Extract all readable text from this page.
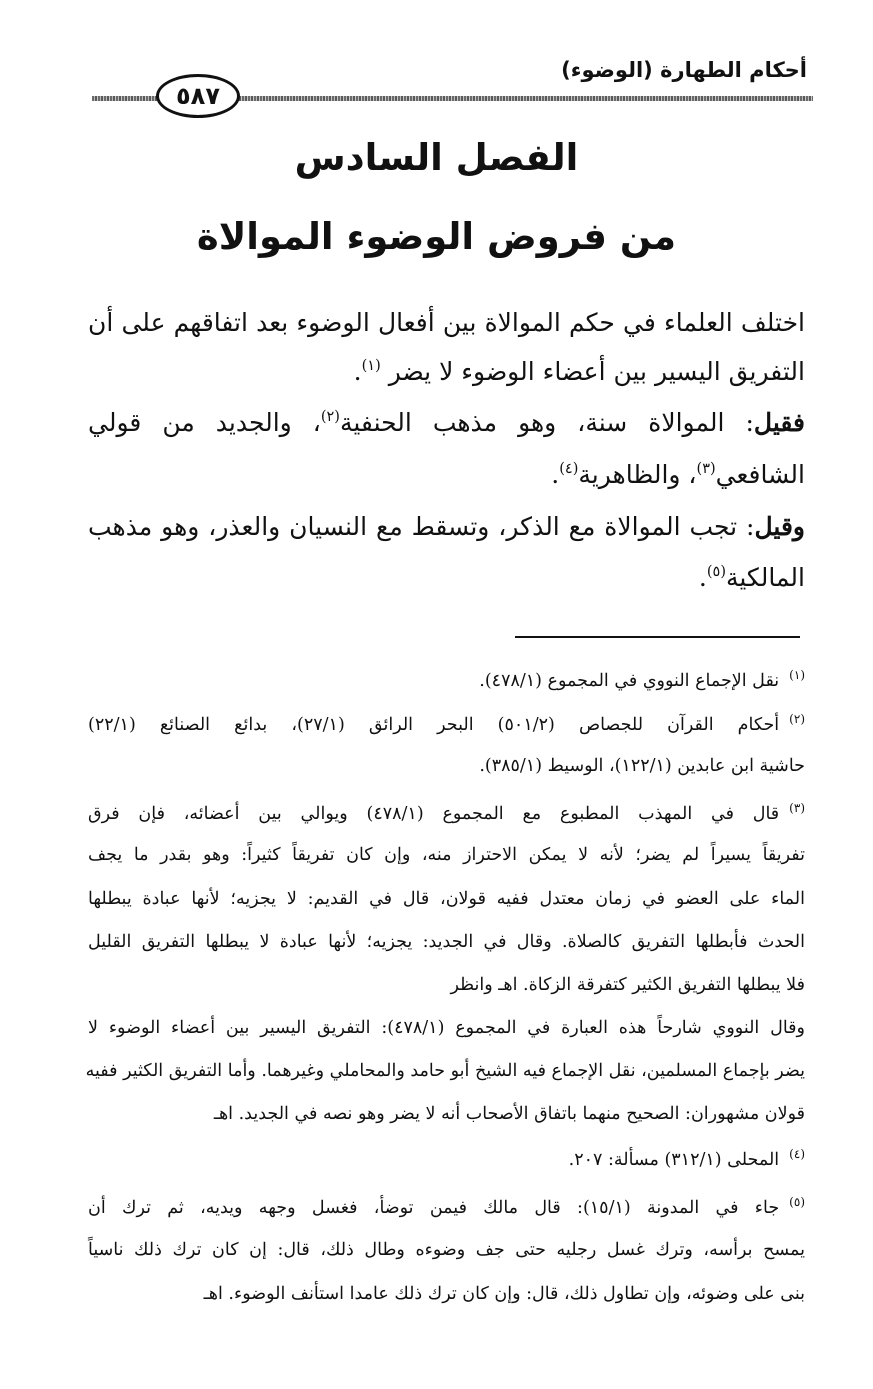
أحكام الطهارة (الوضوء)
٥٨٧
الفصل السادس
من فروض الوضوء الموالاة
اختلف العلماء في حكم الموالاة بين أفعال الوضوء بعد اتفاقهم على أن
التفريق اليسير بين أعضاء الوضوء لا يضر $^{(١)}$.
فقيل: الموالاة سنة، وهو مذهب الحنفية$^{(٢)}$، والجديد من قولي
الشافعي$^{(٣)}$، والظاهرية$^{(٤)}$.
وقيل: تجب الموالاة مع الذكر، وتسقط مع النسيان والعذر، وهو مذهب
المالكية$^{(٥)}$.
$^{(١)}$نقل الإجماع النووي في المجموع (٤٧٨/١).
$^{(٢)}$أحكام القرآن للجصاص (٥٠١/٢) البحر الرائق (٢٧/١)، بدائع الصنائع (٢٢/١)
حاشية ابن عابدين (١٢٢/١)، الوسيط (٣٨٥/١).
$^{(٣)}$قال في المهذب المطبوع مع المجموع (٤٧٨/١) ويوالي بين أعضائه، فإن فرق
تفريقاً يسيراً لم يضر؛ لأنه لا يمكن الاحتراز منه، وإن كان تفريقاً كثيراً: وهو بقدر ما يجف
الماء على العضو في زمان معتدل ففيه قولان، قال في القديم: لا يجزيه؛ لأنها عبادة يبطلها
الحدث فأبطلها التفريق كالصلاة. وقال في الجديد: يجزيه؛ لأنها عبادة لا يبطلها التفريق القليل
فلا يبطلها التفريق الكثير كتفرقة الزكاة. اهـ وانظر
وقال النووي شارحاً هذه العبارة في المجموع (٤٧٨/١): التفريق اليسير بين أعضاء الوضوء لا
يضر بإجماع المسلمين، نقل الإجماع فيه الشيخ أبو حامد والمحاملي وغيرهما. وأما التفريق الكثير ففيه
قولان مشهوران: الصحيح منهما باتفاق الأصحاب أنه لا يضر وهو نصه في الجديد. اهـ
$^{(٤)}$المحلى (٣١٢/١) مسألة: ٢٠٧.
$^{(٥)}$جاء في المدونة (١٥/١): قال مالك فيمن توضأ، فغسل وجهه ويديه، ثم ترك أن
يمسح برأسه، وترك غسل رجليه حتى جف وضوءه وطال ذلك، قال: إن كان ترك ذلك ناسياً
بنى على وضوئه، وإن تطاول ذلك، قال: وإن كان ترك ذلك عامدا استأنف الوضوء. اهـ
